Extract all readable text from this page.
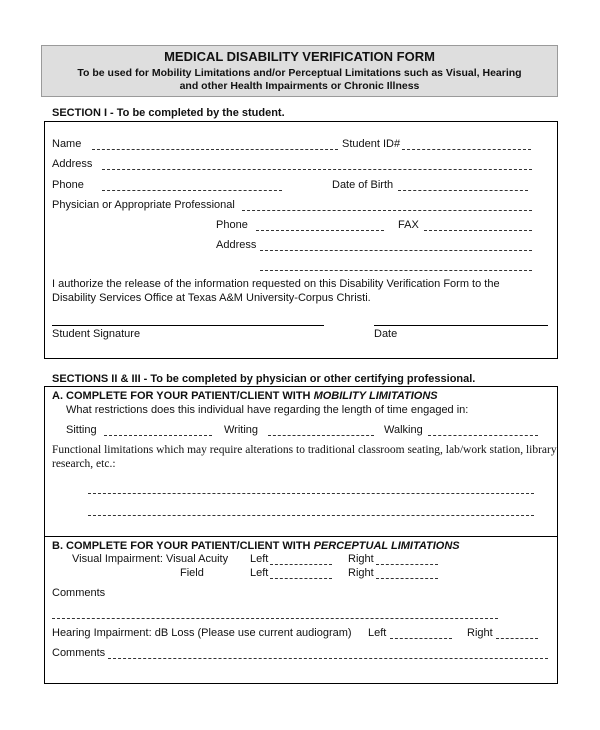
MEDICAL DISABILITY VERIFICATION FORM
To be used for Mobility Limitations and/or Perceptual Limitations such as Visual, Hearing
and other Health Impairments or Chronic Illness
SECTION I - To be completed by the student.
Name	Student ID#
Address
Phone	Date of Birth
Physician or Appropriate Professional
Phone	FAX
Address
I authorize the release of the information requested on this Disability Verification Form to the
Disability Services Office at Texas A&M University-Corpus Christi.
Student Signature	Date
SECTIONS II & III - To be completed by physician or other certifying professional.
A. COMPLETE FOR YOUR PATIENT/CLIENT WITH MOBILITY LIMITATIONS
What restrictions does this individual have regarding the length of time engaged in:
Sitting	Writing	Walking
Functional limitations which may require alterations to traditional classroom seating, lab/work station, library
research, etc.:
B. COMPLETE FOR YOUR PATIENT/CLIENT WITH PERCEPTUAL LIMITATIONS
Visual Impairment: Visual Acuity Left	Right
Field	Left	Right
Comments
Hearing Impairment: dB Loss (Please use current audiogram) Left	Right
Comments
